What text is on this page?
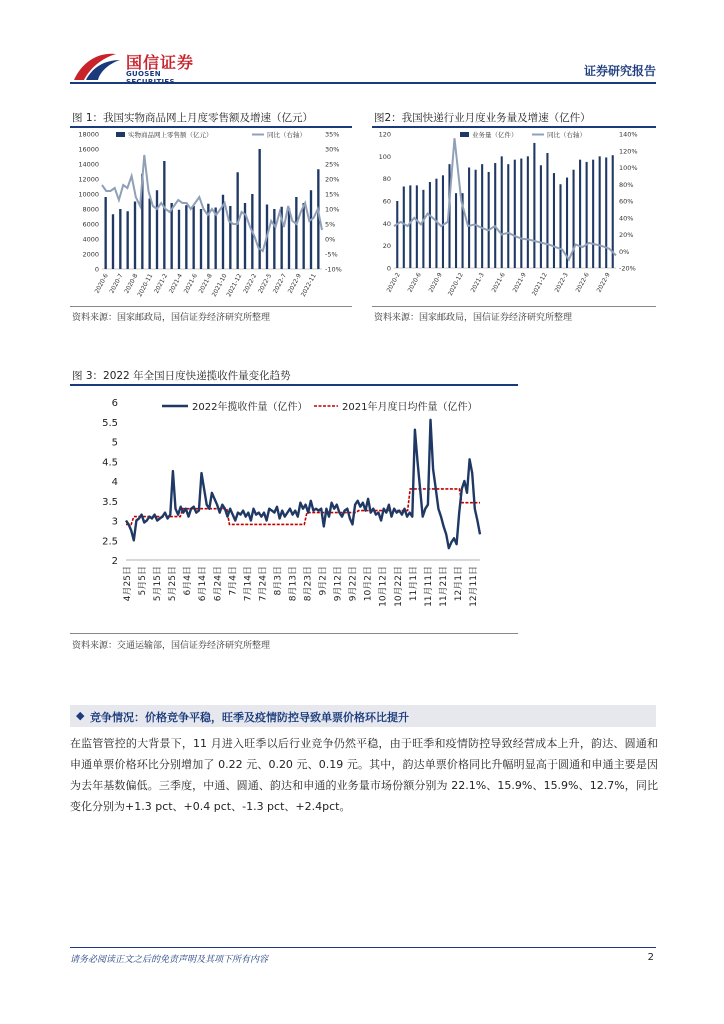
国信证券
GUOSEN	证券研究报告
图 1：我国实物商品网上月度零售额及增速（亿元）
0
2000
4000
6000
8000
10000
12000
14000
16000
18000
-10%
-5%
0%
5%
10%
15%
20%
25%
30%
35%
2020-6
2020-7
2020-8
2020-11
2021-2
2021-4
2021-6
2021-8
2021-10
2021-12
2022-2
2022-5
2022-7
2022-9
2022-11
实物商品网上零售额（亿元）	同比（右轴）
资料来源：国家邮政局，国信证券经济研究所整理
图2：我国快递行业月度业务量及增速（亿件）
0
20
40
60
80
100
120
-20%
0%
20%
40%
60%
80%
100%
120%
140%
2020-2 2020-6 2020-9 2020-12 2021-3 2021-6 2021-9 2021-12 2022-3 2022-6 2022-9
业务量（亿件）	同比（右轴）
资料来源：国家邮政局，国信证券经济研究所整理
图 3：2022 年全国日度快递揽收件量变化趋势
2
2.5
3
3.5
4
4.5
5
5.5
6
4月25日 5月5日 5月15日 5月25日 6月4日 6月14日 6月24日 7月4日 7月14日 7月24日 8月3日 8月13日 8月23日 9月2日 9月12日 9月22日 10月2日 10月12日 10月22日 11月1日 11月11日 11月21日 12月1日 12月11日
2022年揽收件量（亿件）	2021年月度日均件量（亿件）
资料来源：交通运输部，国信证券经济研究所整理
◆ 竞争情况：价格竞争平稳，旺季及疫情防控导致单票价格环比提升

在监管管控的大背景下，11 月进入旺季以后行业竞争仍然平稳，由于旺季和疫情防控导致经营成本上升，韵达、圆通和申通单票价格环比分别增加了 0.22 元、0.20 元、0.19 元。其中，韵达单票价格同比升幅明显高于圆通和申通主要是因为去年基数偏低。三季度，中通、圆通、韵达和申通的业务量市场份额分别为 22.1%、15.9%、15.9%、12.7%，同比变化分别为+1.3 pct、+0.4 pct、-1.3 pct、+2.4pct。

请务必阅读正文之后的免责声明及其项下所有内容	2
